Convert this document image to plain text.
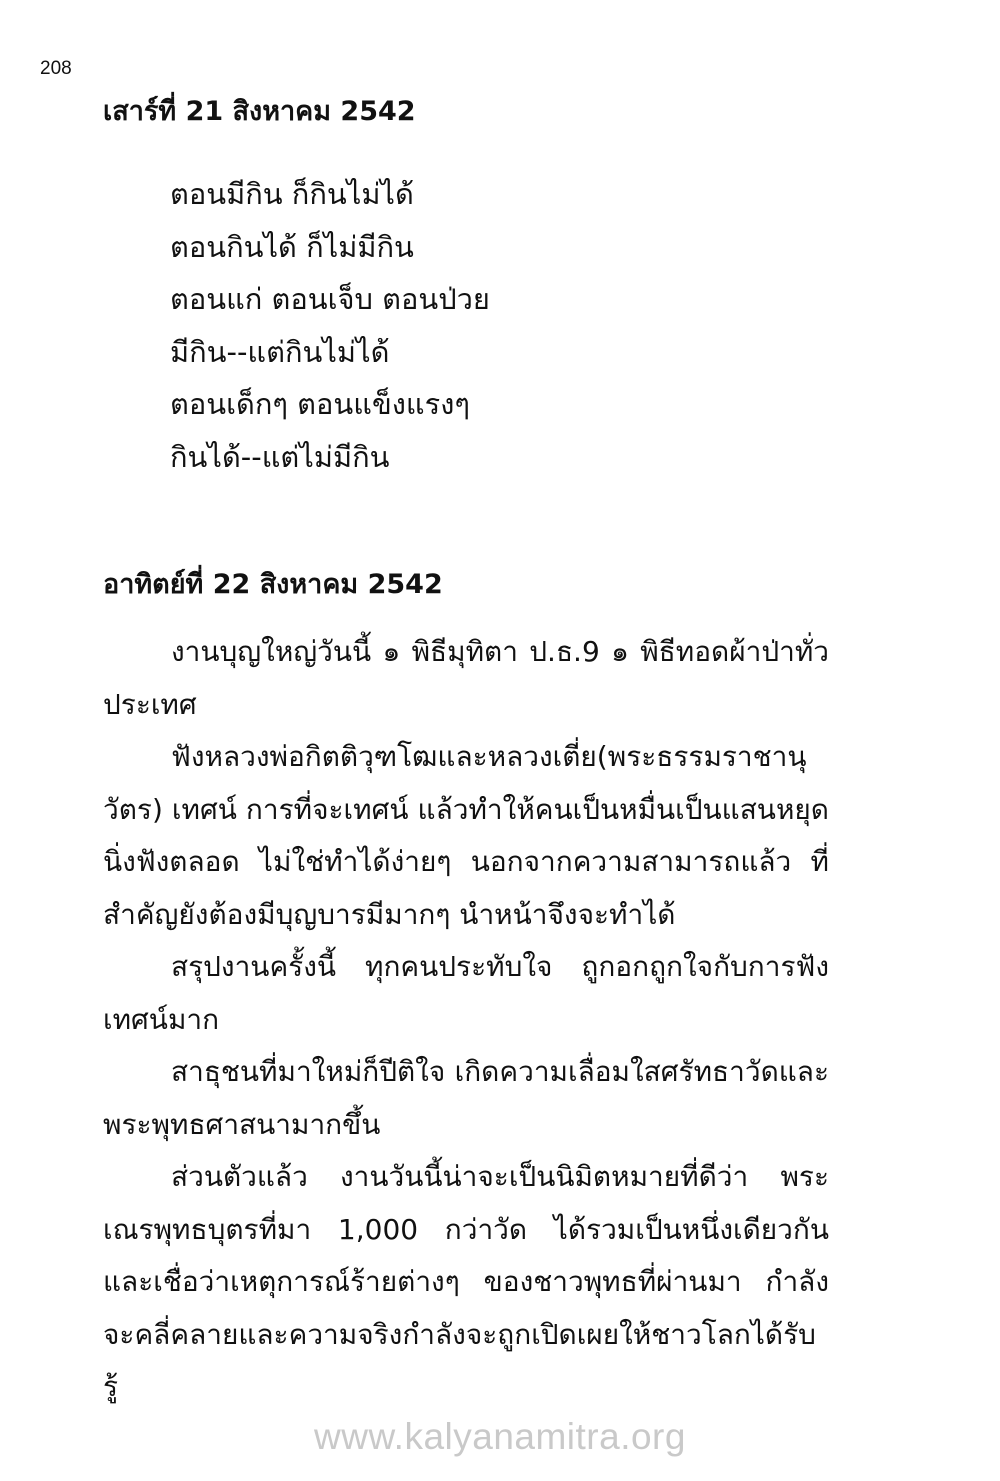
208
เสาร์ที่ 21 สิงหาคม 2542
ตอนมีกิน ก็กินไม่ได้
ตอนกินได้ ก็ไม่มีกิน
ตอนแก่ ตอนเจ็บ ตอนป่วย
มีกิน--แต่กินไม่ได้
ตอนเด็กๆ ตอนแข็งแรงๆ
กินได้--แต่ไม่มีกิน
อาทิตย์ที่ 22 สิงหาคม 2542

งานบุญใหญ่วันนี้ ๑ พิธีมุทิตา ป.ธ.9 ๑ พิธีทอดผ้าป่าทั่วประเทศ

ฟังหลวงพ่อกิตติวุฑโฒและหลวงเตี่ย(พระธรรมราชานุวัตร) เทศน์ การที่จะเทศน์ แล้วทำให้คนเป็นหมื่นเป็นแสนหยุดนิ่งฟังตลอด ไม่ใช่ทำได้ง่ายๆ นอกจากความสามารถแล้ว ที่สำคัญยังต้องมีบุญบารมีมากๆ นำหน้าจึงจะทำได้

สรุปงานครั้งนี้ ทุกคนประทับใจ ถูกอกถูกใจกับการฟังเทศน์มาก

สาธุชนที่มาใหม่ก็ปีติใจ เกิดความเลื่อมใสศรัทธาวัดและพระพุทธศาสนามากขึ้น

ส่วนตัวแล้ว งานวันนี้น่าจะเป็นนิมิตหมายที่ดีว่า พระเณรพุทธบุตรที่มา 1,000 กว่าวัด ได้รวมเป็นหนึ่งเดียวกัน และเชื่อว่าเหตุการณ์ร้ายต่างๆ ของชาวพุทธที่ผ่านมา กำลังจะคลี่คลายและความจริงกำลังจะถูกเปิดเผยให้ชาวโลกได้รับรู้

www.kalyanamitra.org
